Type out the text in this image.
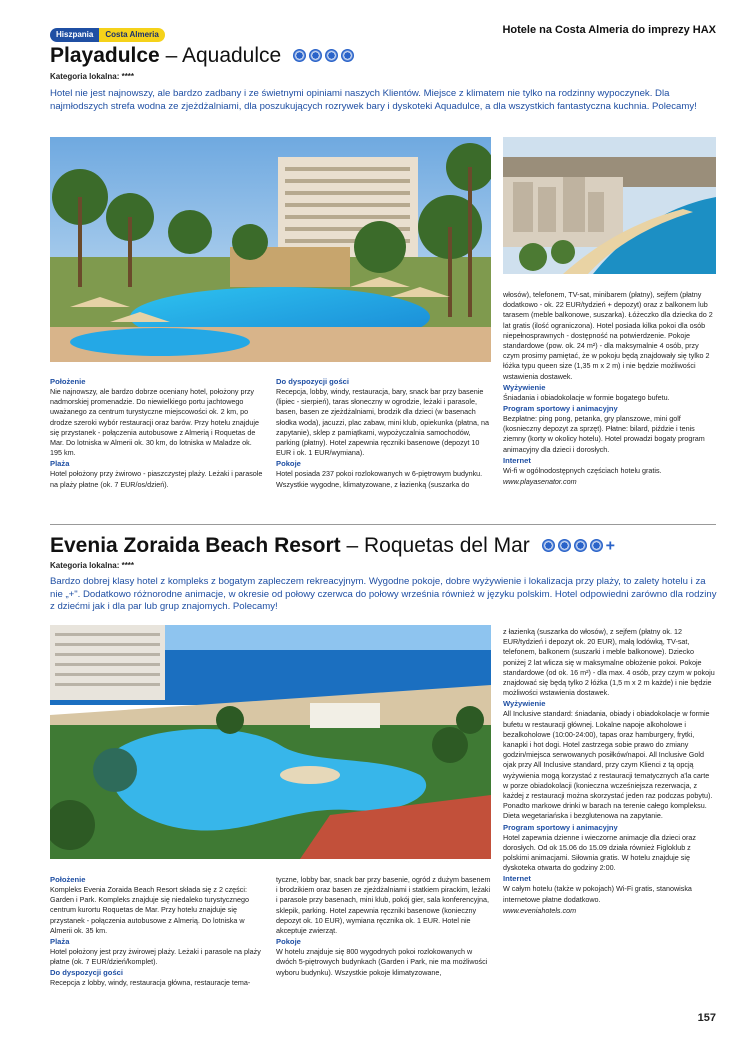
Hiszpania Costa Almeria	Hotele na Costa Almeria do imprezy HAX
Playadulce – Aquadulce
Kategoria lokalna: ****
Hotel nie jest najnowszy, ale bardzo zadbany i ze świetnymi opiniami naszych Klientów. Miejsce z klimatem nie tylko na rodzinny wypoczynek. Dla najmłodszych strefa wodna ze zjeżdżalniami, dla poszukujących rozrywek bary i dyskoteki Aquadulce, a dla wszystkich fantastyczna kuchnia. Polecamy!
Położenie

Nie najnowszy, ale bardzo dobrze oceniany hotel, położony przy nadmorskiej promenadzie. Do niewielkiego portu jachtowego uważanego za centrum turystyczne miejscowości ok. 2 km, po drodze szeroki wybór restauracji oraz barów. Przy hotelu znajduje się przystanek - połączenia autobusowe z Almerią i Roquetas de Mar. Do lotniska w Almerii ok. 30 km, do lotniska w Maladze ok. 195 km.

Plaża

Hotel położony przy żwirowo - piaszczystej plaży. Leżaki i parasole na plaży płatne (ok. 7 EUR/os/dzień).

Do dyspozycji gości

Recepcja, lobby, windy, restauracja, bary, snack bar przy basenie (lipiec - sierpień), taras słoneczny w ogrodzie, leżaki i parasole, basen, basen ze zjeżdżalniami, brodzik dla dzieci (w basenach słodka woda), jacuzzi, plac zabaw, mini klub, opiekunka (płatna, na zapytanie), sklep z pamiątkami, wypożyczalnia samochodów, parking (płatny). Hotel zapewnia ręczniki basenowe (depozyt 10 EUR i ok. 1 EUR/wymiana).

Pokoje

Hotel posiada 237 pokoi rozlokowanych w 6-piętrowym budynku. Wszystkie wygodne, klimatyzowane, z łazienką (suszarka do

włosów), telefonem, TV-sat, minibarem (płatny), sejfem (płatny dodatkowo - ok. 22 EUR/tydzień + depozyt) oraz z balkonem lub tarasem (meble balkonowe, suszarka). Łóżeczko dla dziecka do 2 lat gratis (ilość ograniczona). Hotel posiada kilka pokoi dla osób niepełnosprawnych - dostępność na potwierdzenie. Pokoje standardowe (pow. ok. 24 m²) - dla maksymalnie 4 osób, przy czym prosimy pamiętać, że w pokoju będą znajdowały się tylko 2 łóżka typu queen size (1,35 m x 2 m) i nie będzie możliwości wstawienia dostawek.

Wyżywienie

Śniadania i obiadokolacje w formie bogatego bufetu.

Program sportowy i animacyjny

Bezpłatne: ping pong, petanka, gry planszowe, mini golf (kosnieczny depozyt za sprzęt). Płatne: bilard, piździe i tenis ziemny (korty w okolicy hotelu). Hotel prowadzi bogaty program animacyjny dla dzieci i dorosłych.

Internet

Wi-fi w ogólnodostępnych częściach hotelu gratis.

www.playasenator.com

Evenia Zoraida Beach Resort – Roquetas del Mar	+
Kategoria lokalna: ****
Bardzo dobrej klasy hotel z kompleks z bogatym zapleczem rekreacyjnym. Wygodne pokoje, dobre wyżywienie i lokalizacja przy plaży, to zalety hotelu i za nie „+". Dodatkowo różnorodne animacje, w okresie od połowy czerwca do połowy września również w języku polskim. Hotel odpowiedni zarówno dla rodziny z dziećmi jak i dla par lub grup znajomych. Polecamy!

z łazienką (suszarka do włosów), z sejfem (płatny ok. 12 EUR/tydzień i depozyt ok. 20 EUR), małą lodówką, TV-sat, telefonem, balkonem (suszarki i meble balkonowe). Dziecko poniżej 2 lat wlicza się w maksymalne obłożenie pokoi. Pokoje standardowe (od ok. 16 m²) - dla max. 4 osób, przy czym w pokoju znajdować się będą tylko 2 łóżka (1,5 m x 2 m każde) i nie będzie możliwości wstawienia dostawek.

Wyżywienie

All Inclusive standard: śniadania, obiady i obiadokolacje w formie bufetu w restauracji głównej. Lokalne napoje alkoholowe i bezalkoholowe (10:00-24:00), tapas oraz hamburgery, frytki, kanapki i hot dogi. Hotel zastrzega sobie prawo do zmiany godzin/miejsca serwowanych posiłków/napoi. All Inclusive Gold ojak przy All Inclusive standard, przy czym Klienci z tą opcją wyżywienia mogą korzystać z restauracji tematycznych a'la carte w porze obiadokolacji (konieczna wcześniejsza rezerwacja, z każdej z restauracji można skorzystać jeden raz podczas pobytu). Ponadto markowe drinki w barach na terenie całego kompleksu. Dieta wegetariańska i bezglutenowa na zapytanie.

Program sportowy i animacyjny

Hotel zapewnia dzienne i wieczorne animacje dla dzieci oraz dorosłych. Od ok 15.06 do 15.09 działa również Figloklub z polskimi animacjami. Siłownia gratis. W hotelu znajduje się dyskoteka otwarta do godziny 2:00.

Internet

W całym hotelu (także w pokojach) Wi-Fi gratis, stanowiska internetowe płatne dodatkowo.

www.eveniahotels.com

Położenie

Kompleks Evenia Zoraida Beach Resort składa się z 2 części: Garden i Park. Kompleks znajduje się niedaleko turystycznego centrum kurortu Roquetas de Mar. Przy hotelu znajduje się przystanek - połączenia autobusowe z Almerią. Do lotniska w Almerii ok. 35 km.

Plaża

Hotel położony jest przy żwirowej plaży. Leżaki i parasole na plaży płatne (ok. 7 EUR/dzień/komplet).

Do dyspozycji gości

Recepcja z lobby, windy, restauracja główna, restauracje tema-

tyczne, lobby bar, snack bar przy basenie, ogród z dużym basenem i brodzikiem oraz basen ze zjeżdżalniami i statkiem pirackim, leżaki i parasole przy basenach, mini klub, pokój gier, sala konferencyjna, sklepik, parking. Hotel zapewnia ręczniki basenowe (konieczny depozyt ok. 10 EUR), wymiana ręcznika ok. 1 EUR. Hotel nie akceptuje zwierząt.

Pokoje

W hotelu znajduje się 800 wygodnych pokoi rozlokowanych w dwóch 5-piętrowych budynkach (Garden i Park, nie ma możliwości wyboru budynku). Wszystkie pokoje klimatyzowane,

157
